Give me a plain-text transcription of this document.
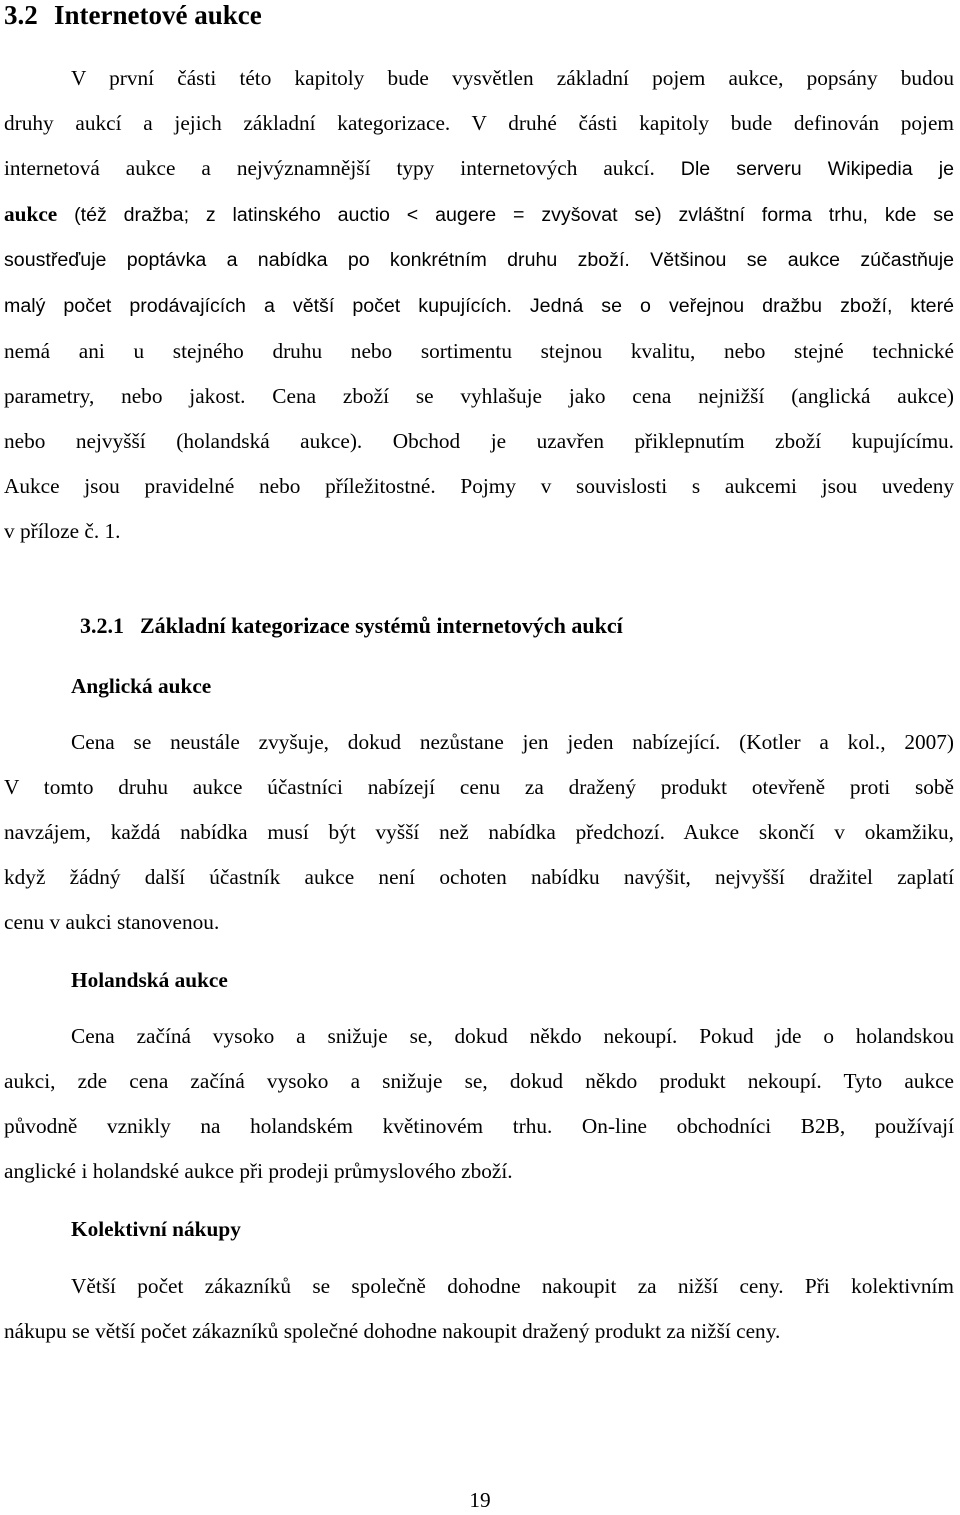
3.2 Internetové aukce
V první části této kapitoly bude vysvětlen základní pojem aukce, popsány budou
druhy aukcí a jejich základní kategorizace. V druhé části kapitoly bude definován pojem
internetová aukce a nejvýznamnější typy internetových aukcí. Dle serveru Wikipedia je
aukce (též dražba; z latinského auctio < augere = zvyšovat se) zvláštní forma trhu, kde se
soustřeďuje poptávka a nabídka po konkrétním druhu zboží. Většinou se aukce zúčastňuje
malý počet prodávajících a větší počet kupujících. Jedná se o veřejnou dražbu zboží, které
nemá ani u stejného druhu nebo sortimentu stejnou kvalitu, nebo stejné technické
parametry, nebo jakost. Cena zboží se vyhlašuje jako cena nejnižší (anglická aukce)
nebo nejvyšší (holandská aukce). Obchod je uzavřen přiklepnutím zboží kupujícímu.
Aukce jsou pravidelné nebo příležitostné. Pojmy v souvislosti s aukcemi jsou uvedeny
v příloze č. 1.
3.2.1 Základní kategorizace systémů internetových aukcí
Anglická aukce
Cena se neustále zvyšuje, dokud nezůstane jen jeden nabízející. (Kotler a kol., 2007)
V tomto druhu aukce účastníci nabízejí cenu za dražený produkt otevřeně proti sobě
navzájem, každá nabídka musí být vyšší než nabídka předchozí. Aukce skončí v okamžiku,
když žádný další účastník aukce není ochoten nabídku navýšit, nejvyšší dražitel zaplatí
cenu v aukci stanovenou.
Holandská aukce
Cena začíná vysoko a snižuje se, dokud někdo nekoupí. Pokud jde o holandskou
aukci, zde cena začíná vysoko a snižuje se, dokud někdo produkt nekoupí. Tyto aukce
původně vznikly na holandském květinovém trhu. On-line obchodníci B2B, používají
anglické i holandské aukce při prodeji průmyslového zboží.
Kolektivní nákupy
Větší počet zákazníků se společně dohodne nakoupit za nižší ceny. Při kolektivním
nákupu se větší počet zákazníků společné dohodne nakoupit dražený produkt za nižší ceny.
19
